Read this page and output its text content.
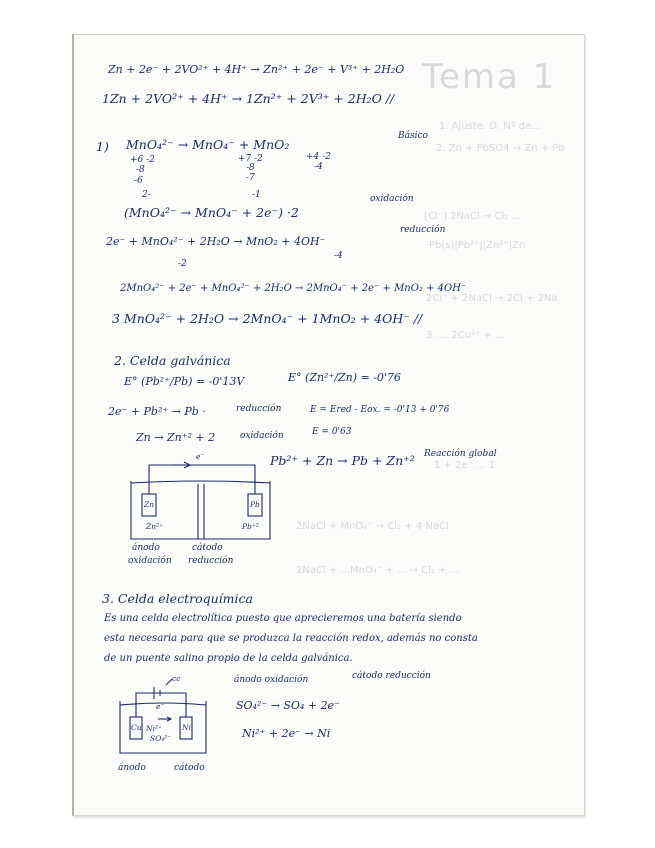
Tema 1
1. Ajuste. D. Nº de...
2. Zn + PbSO4 → Zn + Pb
[Cl⁻] 2NaCl → Cl₂ ...
Pb(s)|Pb²⁺||Zn²⁺|Zn
2Cl⁻ + 2NaCl → 2Cl + 2Na
3. ... 2Cu²⁺ + ...
1 + 2e⁻ ... 1
2NaCl + MnO₄⁻ → Cl₂ + 4 NaCl
2NaCl + ...MnO₄⁻ + ... → Cl₂ + ...
Zn + 2e⁻ + 2VO²⁺ + 4H⁺ → Zn²⁺ + 2e⁻ + V³⁺ + 2H₂O
1Zn + 2VO²⁺ + 4H⁺ → 1Zn²⁺ + 2V³⁺ + 2H₂O //
1) MnO₄²⁻ → MnO₄⁻ + MnO₂
Básico
+6 -2
-8
-6
2-
+7 -2
-8
-7
-1
+4 -2
-4
(MnO₄²⁻ → MnO₄⁻ + 2e⁻) ·2
oxidación
2e⁻ + MnO₄²⁻ + 2H₂O → MnO₂ + 4OH⁻
reducción
-2
-4
2MnO₄²⁻ + 2e⁻ + MnO₄²⁻ + 2H₂O → 2MnO₄⁻ + 2e⁻ + MnO₂ + 4OH⁻
3 MnO₄²⁻ + 2H₂O → 2MnO₄⁻ + 1MnO₂ + 4OH⁻ //
2. Celda galvánica
E° (Pb²⁺/Pb) = -0'13V	E° (Zn²⁺/Zn) = -0'76
2e⁻ + Pb²⁺ → Pb ·	reducción	E = Ered - Eox. = -0'13 + 0'76
Zn → Zn⁺² + 2	oxidación	E = 0'63
Pb²⁺ + Zn → Pb + Zn⁺² Reacción global
e⁻
Zn	Pb
Zn²⁺	Pb⁺²
ánodo	cátodo
oxidación reducción
3. Celda electroquímica
Es una celda electrolítica puesto que aprecieremos una batería siendo
esta necesaria para que se produzca la reacción redox, además no consta
de un puente salino propio de la celda galvánica.
ánodo oxidación	cátodo reducción
SO₄²⁻ → SO₄ + 2e⁻
Ni²⁺ + 2e⁻ → Ni
cc
e⁻
Cu	Ni
Ni²⁺
SO₄²⁻
ánodo	cátodo
